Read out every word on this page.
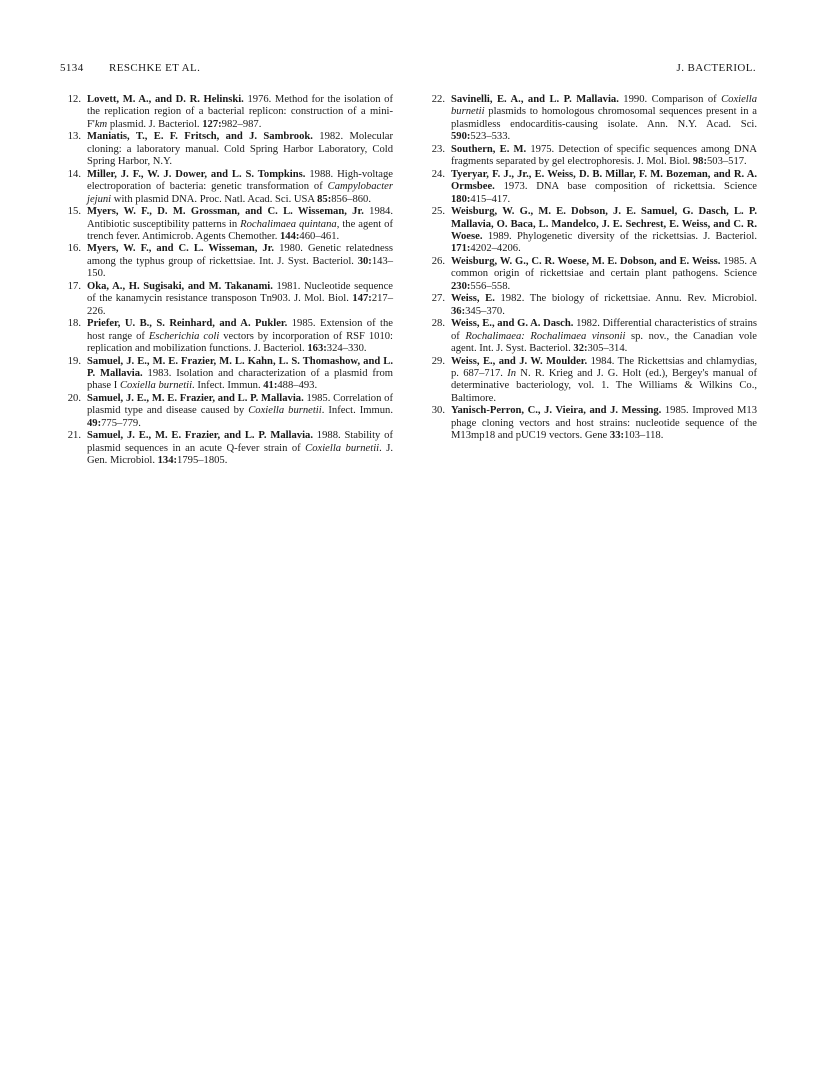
5134 RESCHKE ET AL.	J. BACTERIOL.

12. Lovett, M. A., and D. R. Helinski. 1976. Method for the isolation of the replication region of a bacterial replicon: construction of a mini-F'km plasmid. J. Bacteriol. 127:982–987.

13. Maniatis, T., E. F. Fritsch, and J. Sambrook. 1982. Molecular cloning: a laboratory manual. Cold Spring Harbor Laboratory, Cold Spring Harbor, N.Y.

14. Miller, J. F., W. J. Dower, and L. S. Tompkins. 1988. High-voltage electroporation of bacteria: genetic transformation of Campylobacter jejuni with plasmid DNA. Proc. Natl. Acad. Sci. USA 85:856–860.

15. Myers, W. F., D. M. Grossman, and C. L. Wisseman, Jr. 1984. Antibiotic susceptibility patterns in Rochalimaea quintana, the agent of trench fever. Antimicrob. Agents Chemother. 144:460–461.

16. Myers, W. F., and C. L. Wisseman, Jr. 1980. Genetic relatedness among the typhus group of rickettsiae. Int. J. Syst. Bacteriol. 30:143–150.

17. Oka, A., H. Sugisaki, and M. Takanami. 1981. Nucleotide sequence of the kanamycin resistance transposon Tn903. J. Mol. Biol. 147:217–226.

18. Priefer, U. B., S. Reinhard, and A. Pukler. 1985. Extension of the host range of Escherichia coli vectors by incorporation of RSF 1010: replication and mobilization functions. J. Bacteriol. 163:324–330.

19. Samuel, J. E., M. E. Frazier, M. L. Kahn, L. S. Thomashow, and L. P. Mallavia. 1983. Isolation and characterization of a plasmid from phase I Coxiella burnetii. Infect. Immun. 41:488–493.

20. Samuel, J. E., M. E. Frazier, and L. P. Mallavia. 1985. Correlation of plasmid type and disease caused by Coxiella burnetii. Infect. Immun. 49:775–779.

21. Samuel, J. E., M. E. Frazier, and L. P. Mallavia. 1988. Stability of plasmid sequences in an acute Q-fever strain of Coxiella burnetii. J. Gen. Microbiol. 134:1795–1805.

22. Savinelli, E. A., and L. P. Mallavia. 1990. Comparison of Coxiella burnetii plasmids to homologous chromosomal sequences present in a plasmidless endocarditis-causing isolate. Ann. N.Y. Acad. Sci. 590:523–533.

23. Southern, E. M. 1975. Detection of specific sequences among DNA fragments separated by gel electrophoresis. J. Mol. Biol. 98:503–517.

24. Tyeryar, F. J., Jr., E. Weiss, D. B. Millar, F. M. Bozeman, and R. A. Ormsbee. 1973. DNA base composition of rickettsia. Science 180:415–417.

25. Weisburg, W. G., M. E. Dobson, J. E. Samuel, G. Dasch, L. P. Mallavia, O. Baca, L. Mandelco, J. E. Sechrest, E. Weiss, and C. R. Woese. 1989. Phylogenetic diversity of the rickettsias. J. Bacteriol. 171:4202–4206.

26. Weisburg, W. G., C. R. Woese, M. E. Dobson, and E. Weiss. 1985. A common origin of rickettsiae and certain plant pathogens. Science 230:556–558.

27. Weiss, E. 1982. The biology of rickettsiae. Annu. Rev. Microbiol. 36:345–370.

28. Weiss, E., and G. A. Dasch. 1982. Differential characteristics of strains of Rochalimaea: Rochalimaea vinsonii sp. nov., the Canadian vole agent. Int. J. Syst. Bacteriol. 32:305–314.

29. Weiss, E., and J. W. Moulder. 1984. The Rickettsias and chlamydias, p. 687–717. In N. R. Krieg and J. G. Holt (ed.), Bergey's manual of determinative bacteriology, vol. 1. The Williams & Wilkins Co., Baltimore.

30. Yanisch-Perron, C., J. Vieira, and J. Messing. 1985. Improved M13 phage cloning vectors and host strains: nucleotide sequence of the M13mp18 and pUC19 vectors. Gene 33:103–118.
